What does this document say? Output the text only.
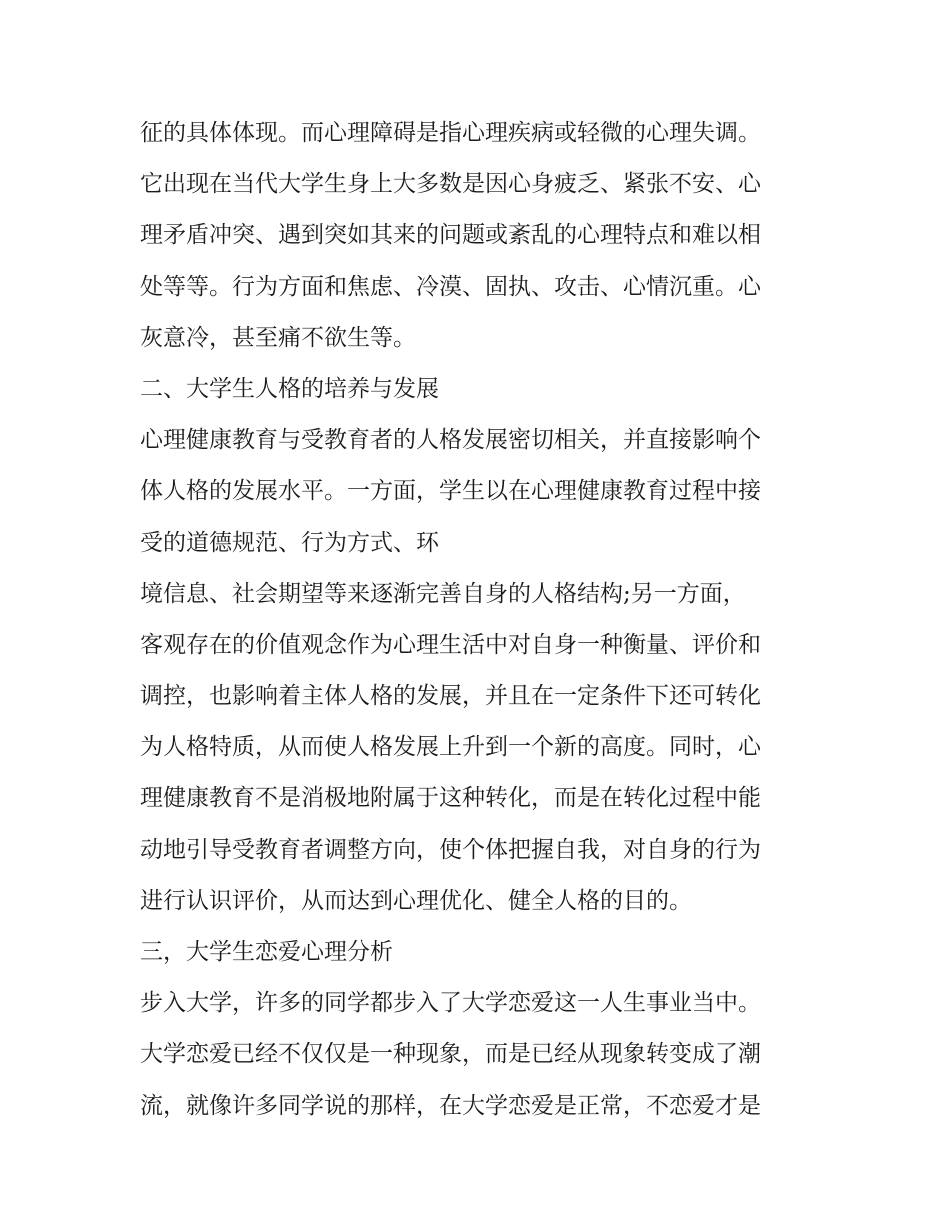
征的具体体现。而心理障碍是指心理疾病或轻微的心理失调。
它出现在当代大学生身上大多数是因心身疲乏、紧张不安、心
理矛盾冲突、遇到突如其来的问题或紊乱的心理特点和难以相
处等等。行为方面和焦虑、冷漠、固执、攻击、心情沉重。心
灰意冷，甚至痛不欲生等。
二、大学生人格的培养与发展
心理健康教育与受教育者的人格发展密切相关，并直接影响个
体人格的发展水平。一方面，学生以在心理健康教育过程中接
受的道德规范、行为方式、环
境信息、社会期望等来逐渐完善自身的人格结构;另一方面，
客观存在的价值观念作为心理生活中对自身一种衡量、评价和
调控，也影响着主体人格的发展，并且在一定条件下还可转化
为人格特质，从而使人格发展上升到一个新的高度。同时，心
理健康教育不是消极地附属于这种转化，而是在转化过程中能
动地引导受教育者调整方向，使个体把握自我，对自身的行为
进行认识评价，从而达到心理优化、健全人格的目的。
三，大学生恋爱心理分析
步入大学，许多的同学都步入了大学恋爱这一人生事业当中。
大学恋爱已经不仅仅是一种现象，而是已经从现象转变成了潮
流，就像许多同学说的那样，在大学恋爱是正常，不恋爱才是
